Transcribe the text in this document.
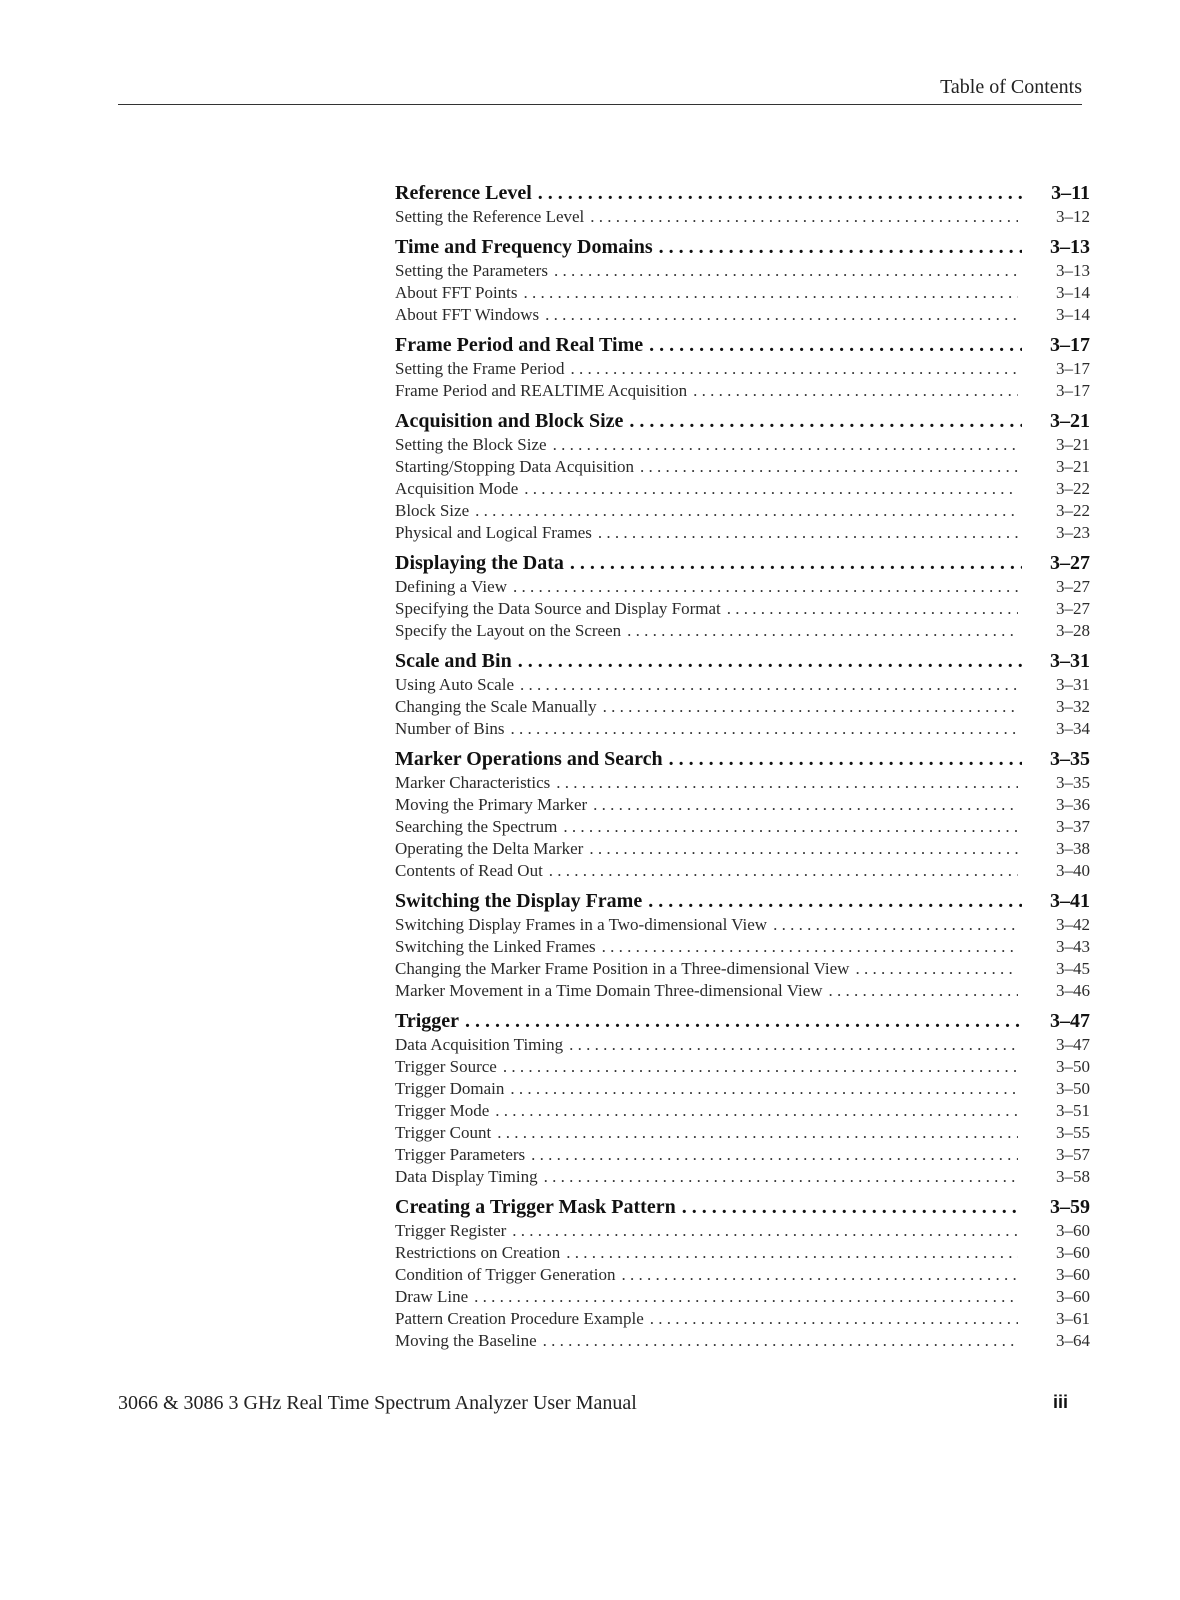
Table of Contents
Reference Level . . .	3–11
Setting the Reference Level . . .	3–12
Time and Frequency Domains . . .	3–13
Setting the Parameters . . .	3–13
About FFT Points . . .	3–14
About FFT Windows . . .	3–14
Frame Period and Real Time . . .	3–17
Setting the Frame Period . . .	3–17
Frame Period and REALTIME Acquisition . . .	3–17
Acquisition and Block Size . . .	3–21
Setting the Block Size . . .	3–21
Starting/Stopping Data Acquisition . . .	3–21
Acquisition Mode . . .	3–22
Block Size . . .	3–22
Physical and Logical Frames . . .	3–23
Displaying the Data . . .	3–27
Defining a View . . .	3–27
Specifying the Data Source and Display Format . . .	3–27
Specify the Layout on the Screen . . .	3–28
Scale and Bin . . .	3–31
Using Auto Scale . . .	3–31
Changing the Scale Manually . . .	3–32
Number of Bins . . .	3–34
Marker Operations and Search . . .	3–35
Marker Characteristics . . .	3–35
Moving the Primary Marker . . .	3–36
Searching the Spectrum . . .	3–37
Operating the Delta Marker . . .	3–38
Contents of Read Out . . .	3–40
Switching the Display Frame . . .	3–41
Switching Display Frames in a Two-dimensional View . . .	3–42
Switching the Linked Frames . . .	3–43
Changing the Marker Frame Position in a Three-dimensional View . . .	3–45
Marker Movement in a Time Domain Three-dimensional View . . .	3–46
Trigger . . .	3–47
Data Acquisition Timing . . .	3–47
Trigger Source . . .	3–50
Trigger Domain . . .	3–50
Trigger Mode . . .	3–51
Trigger Count . . .	3–55
Trigger Parameters . . .	3–57
Data Display Timing . . .	3–58
Creating a Trigger Mask Pattern . . .	3–59
Trigger Register . . .	3–60
Restrictions on Creation . . .	3–60
Condition of Trigger Generation . . .	3–60
Draw Line . . .	3–60
Pattern Creation Procedure Example . . .	3–61
Moving the Baseline . . .	3–64
3066 & 3086 3 GHz Real Time Spectrum Analyzer User Manual	iii
